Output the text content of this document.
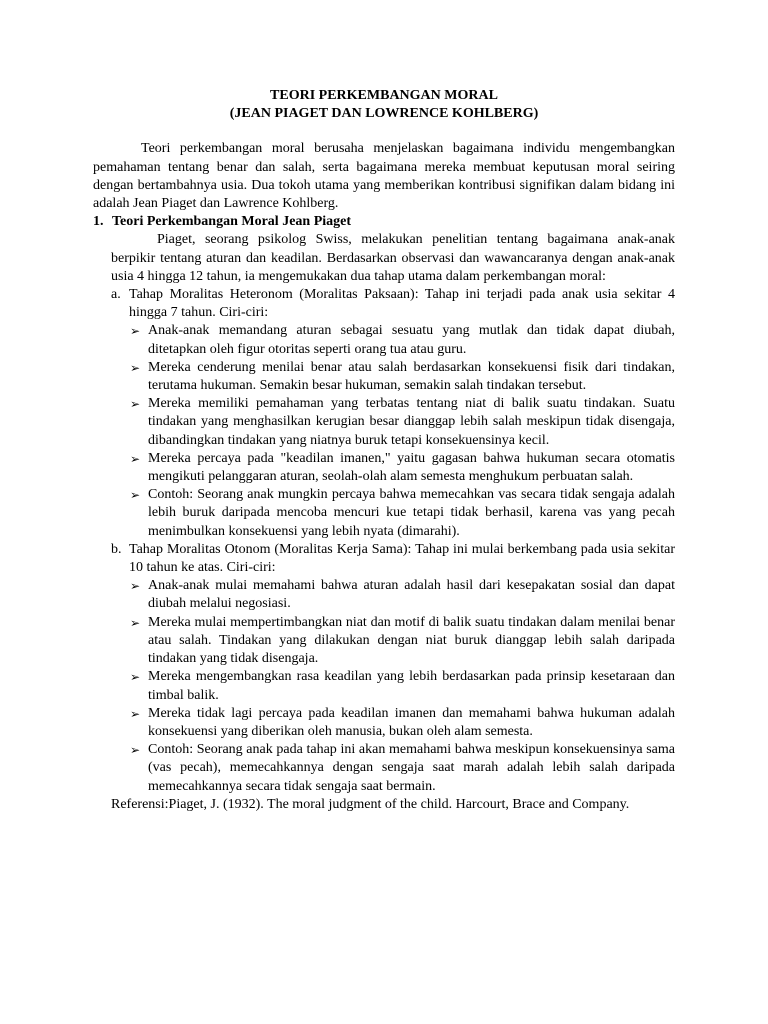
TEORI PERKEMBANGAN MORAL

(JEAN PIAGET DAN LOWRENCE KOHLBERG)

Teori perkembangan moral berusaha menjelaskan bagaimana individu mengembangkan pemahaman tentang benar dan salah, serta bagaimana mereka membuat keputusan moral seiring dengan bertambahnya usia. Dua tokoh utama yang memberikan kontribusi signifikan dalam bidang ini adalah Jean Piaget dan Lawrence Kohlberg.

1. Teori Perkembangan Moral Jean Piaget

Piaget, seorang psikolog Swiss, melakukan penelitian tentang bagaimana anak-anak berpikir tentang aturan dan keadilan. Berdasarkan observasi dan wawancaranya dengan anak-anak usia 4 hingga 12 tahun, ia mengemukakan dua tahap utama dalam perkembangan moral:

a. Tahap Moralitas Heteronom (Moralitas Paksaan): Tahap ini terjadi pada anak usia sekitar 4 hingga 7 tahun. Ciri-ciri:

➢ Anak-anak memandang aturan sebagai sesuatu yang mutlak dan tidak dapat diubah, ditetapkan oleh figur otoritas seperti orang tua atau guru.
➢ Mereka cenderung menilai benar atau salah berdasarkan konsekuensi fisik dari tindakan, terutama hukuman. Semakin besar hukuman, semakin salah tindakan tersebut.
➢ Mereka memiliki pemahaman yang terbatas tentang niat di balik suatu tindakan. Suatu tindakan yang menghasilkan kerugian besar dianggap lebih salah meskipun tidak disengaja, dibandingkan tindakan yang niatnya buruk tetapi konsekuensinya kecil.
➢ Mereka percaya pada "keadilan imanen," yaitu gagasan bahwa hukuman secara otomatis mengikuti pelanggaran aturan, seolah-olah alam semesta menghukum perbuatan salah.
➢ Contoh: Seorang anak mungkin percaya bahwa memecahkan vas secara tidak sengaja adalah lebih buruk daripada mencoba mencuri kue tetapi tidak berhasil, karena vas yang pecah menimbulkan konsekuensi yang lebih nyata (dimarahi).
b. Tahap Moralitas Otonom (Moralitas Kerja Sama): Tahap ini mulai berkembang pada usia sekitar 10 tahun ke atas. Ciri-ciri:

➢ Anak-anak mulai memahami bahwa aturan adalah hasil dari kesepakatan sosial dan dapat diubah melalui negosiasi.
➢ Mereka mulai mempertimbangkan niat dan motif di balik suatu tindakan dalam menilai benar atau salah. Tindakan yang dilakukan dengan niat buruk dianggap lebih salah daripada tindakan yang tidak disengaja.
➢ Mereka mengembangkan rasa keadilan yang lebih berdasarkan pada prinsip kesetaraan dan timbal balik.
➢ Mereka tidak lagi percaya pada keadilan imanen dan memahami bahwa hukuman adalah konsekuensi yang diberikan oleh manusia, bukan oleh alam semesta.
➢ Contoh: Seorang anak pada tahap ini akan memahami bahwa meskipun konsekuensinya sama (vas pecah), memecahkannya dengan sengaja saat marah adalah lebih salah daripada memecahkannya secara tidak sengaja saat bermain.

Referensi:Piaget, J. (1932). The moral judgment of the child. Harcourt, Brace and Company.
